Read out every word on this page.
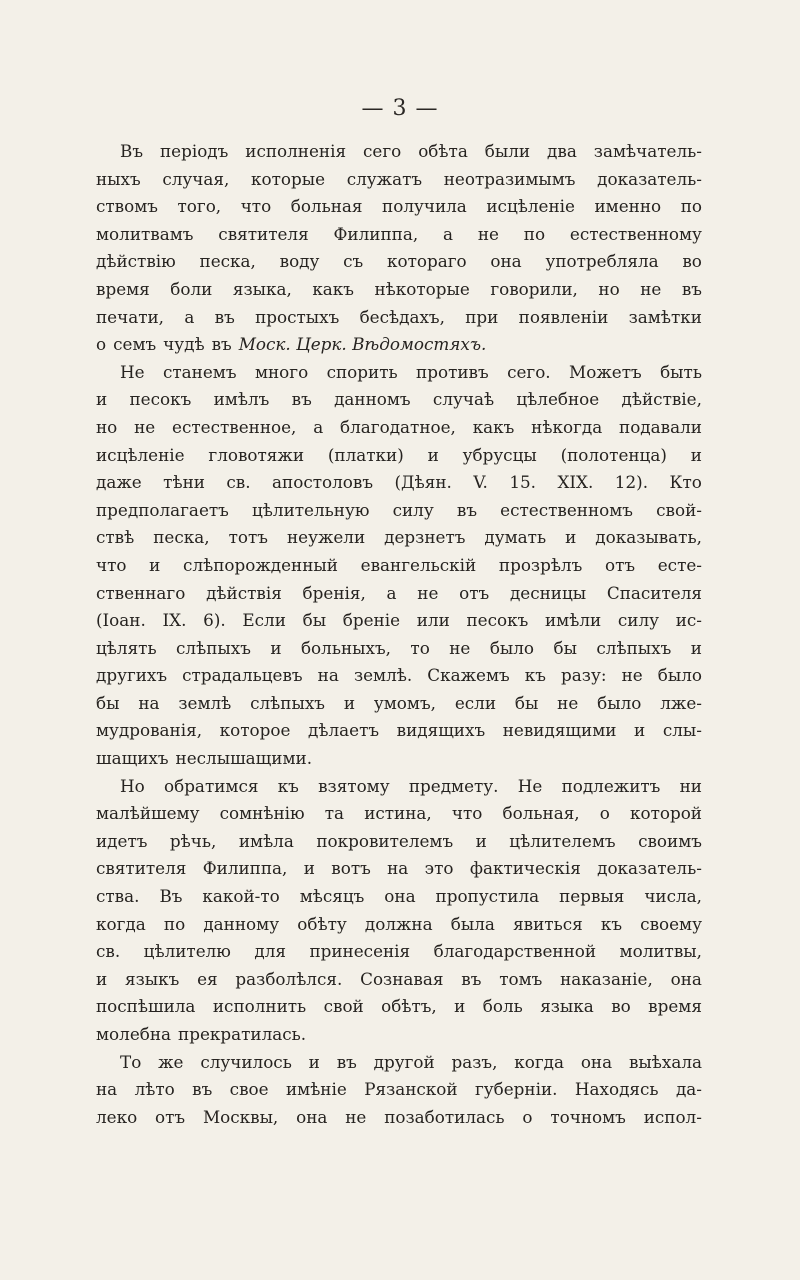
— 3 —
Въ періодъ исполненія сего обѣта были два замѣчатель-
ныхъ случая, которые служатъ неотразимымъ доказатель-
ствомъ того, что больная получила исцѣленіе именно по
молитвамъ святителя Филиппа, а не по естественному
дѣйствію песка, воду съ котораго она употребляла во
время боли языка, какъ нѣкоторые говорили, но не въ
печати, а въ простыхъ бесѣдахъ, при появленіи замѣтки
о семъ чудѣ въ Моск. Церк. Вѣдомостяхъ.
Не станемъ много спорить противъ сего. Можетъ быть
и песокъ имѣлъ въ данномъ случаѣ цѣлебное дѣйствіе,
но не естественное, а благодатное, какъ нѣкогда подавали
исцѣленіе гловотяжи (платки) и убрусцы (полотенца) и
даже тѣни св. апостоловъ (Дѣян. V. 15. XIX. 12). Кто
предполагаетъ цѣлительную силу въ естественномъ свой-
ствѣ песка, тотъ неужели дерзнетъ думать и доказывать,
что и слѣпорожденный евангельскій прозрѣлъ отъ есте-
ственнаго дѣйствія бренія, а не отъ десницы Спасителя
(Іоан. IX. 6). Если бы бреніе или песокъ имѣли силу ис-
цѣлять слѣпыхъ и больныхъ, то не было бы слѣпыхъ и
другихъ страдальцевъ на землѣ. Скажемъ къ разу: не было
бы на землѣ слѣпыхъ и умомъ, если бы не было лже-
мудрованія, которое дѣлаетъ видящихъ невидящими и слы-
шащихъ неслышащими.
Но обратимся къ взятому предмету. Не подлежитъ ни
малѣйшему сомнѣнію та истина, что больная, о которой
идетъ рѣчь, имѣла покровителемъ и цѣлителемъ своимъ
святителя Филиппа, и вотъ на это фактическія доказатель-
ства. Въ какой-то мѣсяцъ она пропустила первыя числа,
когда по данному обѣту должна была явиться къ своему
св. цѣлителю для принесенія благодарственной молитвы,
и языкъ ея разболѣлся. Сознавая въ томъ наказаніе, она
поспѣшила исполнить свой обѣтъ, и боль языка во время
молебна прекратилась.
То же случилось и въ другой разъ, когда она выѣхала
на лѣто въ свое имѣніе Рязанской губерніи. Находясь да-
леко отъ Москвы, она не позаботилась о точномъ испол-
